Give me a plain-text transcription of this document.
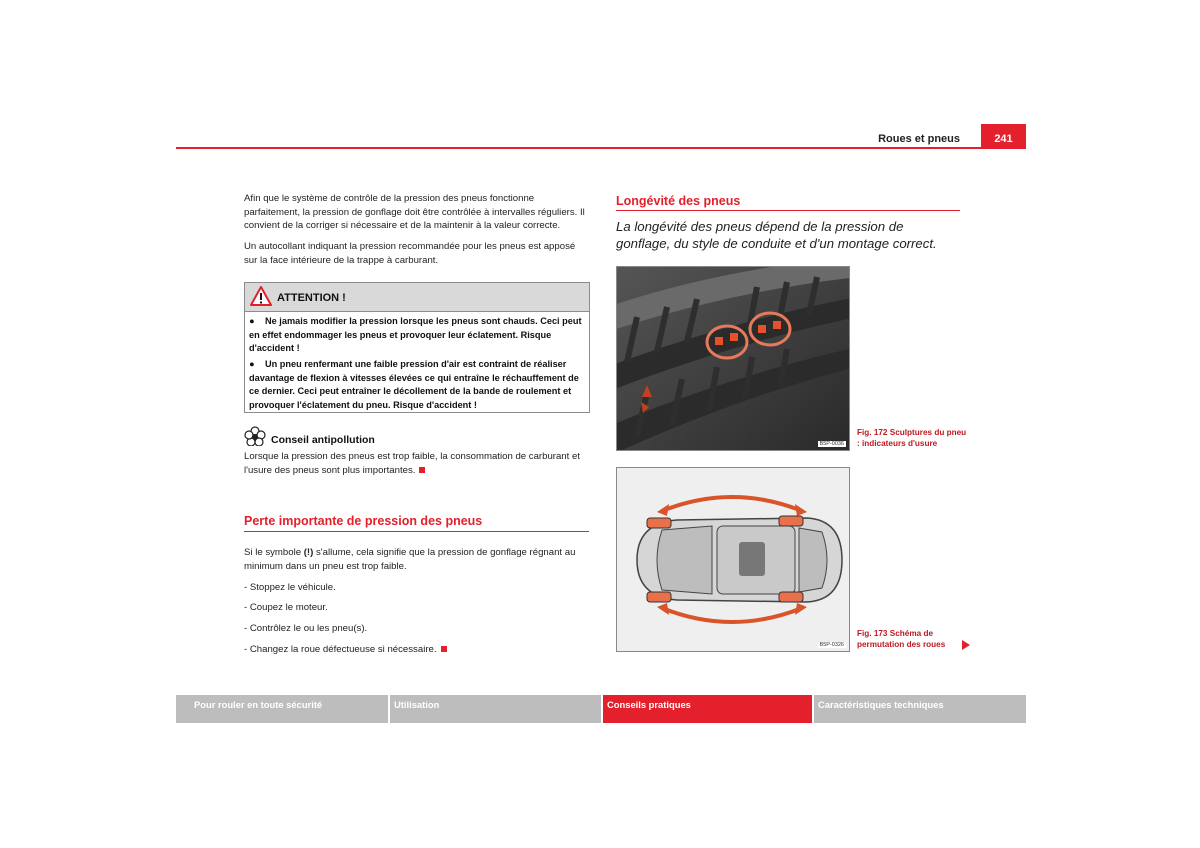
Roues et pneus	241
Afin que le système de contrôle de la pression des pneus fonctionne parfaitement, la pression de gonflage doit être contrôlée à intervalles réguliers. Il convient de la corriger si nécessaire et de la maintenir à la valeur correcte.
Un autocollant indiquant la pression recommandée pour les pneus est apposé sur la face intérieure de la trappe à carburant.
ATTENTION !
● Ne jamais modifier la pression lorsque les pneus sont chauds. Ceci peut en effet endommager les pneus et provoquer leur éclatement. Risque d'accident !
● Un pneu renfermant une faible pression d'air est contraint de réaliser davantage de flexion à vitesses élevées ce qui entraîne le réchauffement de ce dernier. Ceci peut entraîner le décollement de la bande de roulement et provoquer l'éclatement du pneu. Risque d'accident !
Conseil antipollution
Lorsque la pression des pneus est trop faible, la consommation de carburant et l'usure des pneus sont plus importantes.
Perte importante de pression des pneus
Si le symbole (!) s'allume, cela signifie que la pression de gonflage régnant au minimum dans un pneu est trop faible.
- Stoppez le véhicule.
- Coupez le moteur.
- Contrôlez le ou les pneu(s).
- Changez la roue défectueuse si nécessaire.
Longévité des pneus
La longévité des pneus dépend de la pression de gonflage, du style de conduite et d'un montage correct.
B5P-0036
Fig. 172 Sculptures du pneu : indicateurs d'usure
B5P-0326
Fig. 173 Schéma de permutation des roues
Pour rouler en toute sécurité	Utilisation	Conseils pratiques	Caractéristiques techniques
